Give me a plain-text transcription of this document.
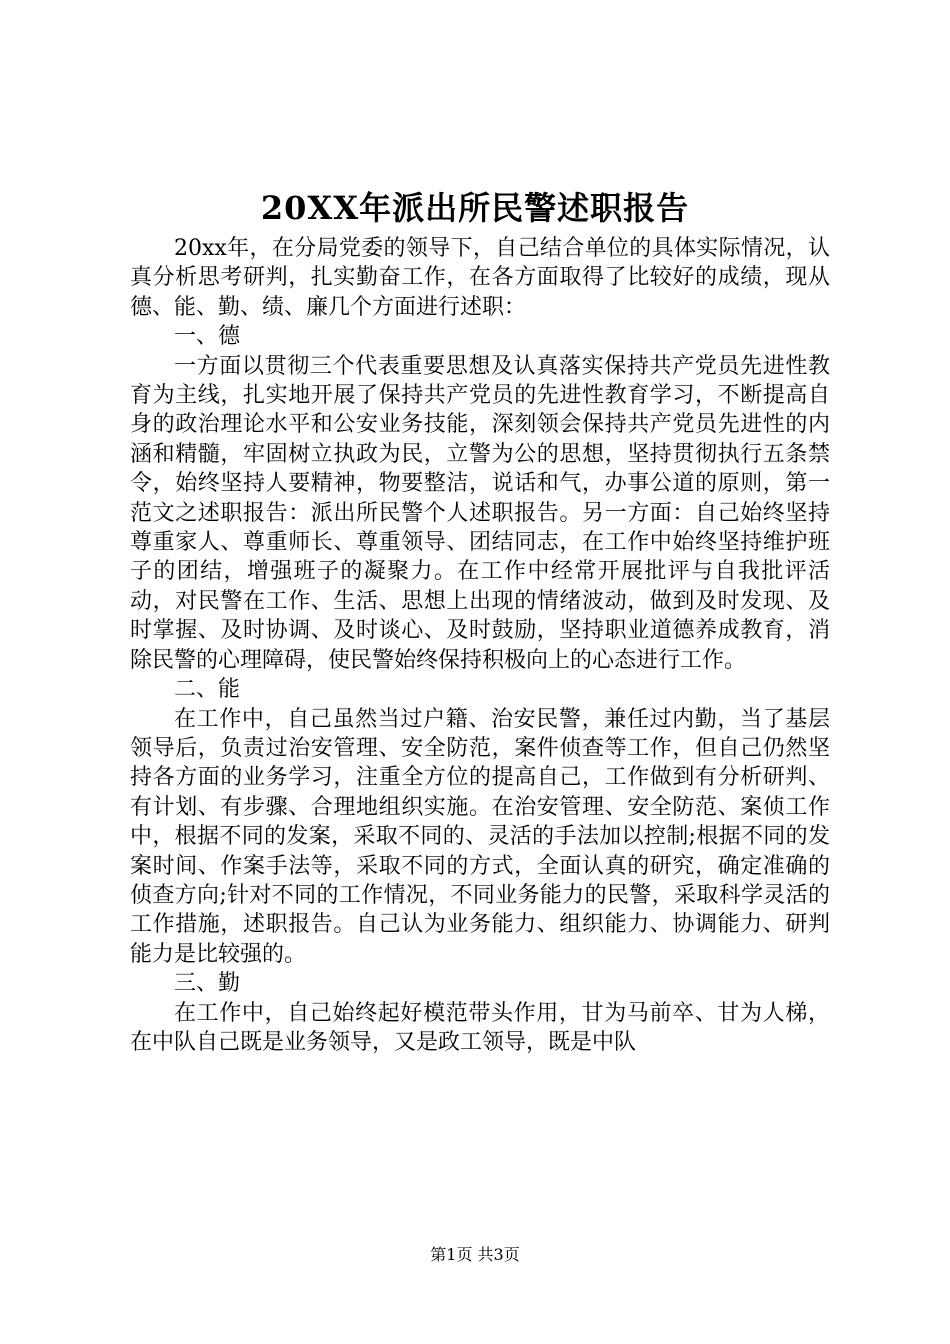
20XX年派出所民警述职报告

20xx年，在分局党委的领导下，自己结合单位的具体实际情况，认真分析思考研判，扎实勤奋工作，在各方面取得了比较好的成绩，现从德、能、勤、绩、廉几个方面进行述职：

一、德

一方面以贯彻三个代表重要思想及认真落实保持共产党员先进性教育为主线，扎实地开展了保持共产党员的先进性教育学习，不断提高自身的政治理论水平和公安业务技能，深刻领会保持共产党员先进性的内涵和精髓，牢固树立执政为民，立警为公的思想，坚持贯彻执行五条禁令，始终坚持人要精神，物要整洁，说话和气，办事公道的原则，第一范文之述职报告：派出所民警个人述职报告。另一方面：自己始终坚持尊重家人、尊重师长、尊重领导、团结同志，在工作中始终坚持维护班子的团结，增强班子的凝聚力。在工作中经常开展批评与自我批评活动，对民警在工作、生活、思想上出现的情绪波动，做到及时发现、及时掌握、及时协调、及时谈心、及时鼓励，坚持职业道德养成教育，消除民警的心理障碍，使民警始终保持积极向上的心态进行工作。

二、能

在工作中，自己虽然当过户籍、治安民警，兼任过内勤，当了基层领导后，负责过治安管理、安全防范，案件侦查等工作，但自己仍然坚持各方面的业务学习，注重全方位的提高自己，工作做到有分析研判、有计划、有步骤、合理地组织实施。在治安管理、安全防范、案侦工作中，根据不同的发案，采取不同的、灵活的手法加以控制;根据不同的发案时间、作案手法等，采取不同的方式，全面认真的研究，确定准确的侦查方向;针对不同的工作情况，不同业务能力的民警，采取科学灵活的工作措施，述职报告。自己认为业务能力、组织能力、协调能力、研判能力是比较强的。

三、勤

在工作中，自己始终起好模范带头作用，甘为马前卒、甘为人梯，在中队自己既是业务领导，又是政工领导，既是中队

第1页 共3页
